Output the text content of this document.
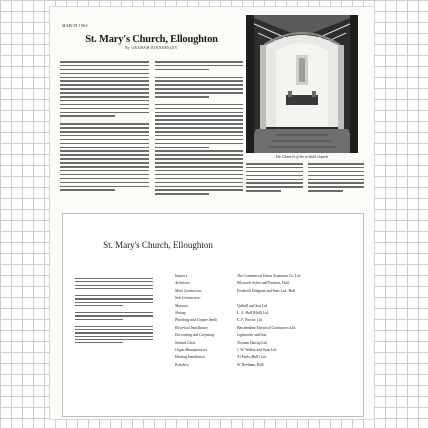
MARCH 1966
St. Mary's Church, Elloughton
By GRAHAM KINNERSLEY
The Chancel of the re-built church.
St. Mary's Church, Elloughton

Insurers	The Commercial Union Assurance Co. Ltd.
Architects	Ellsworth Sykes and Partners, Hull
Main Contractors	Frederick Hodgson and Sons Ltd., Hull
Sub-Contractors:
Masonry	Quibell and Son Ltd.
Slating	L. A. Hull (Hull) Ltd.
Plumbing and Copper Smith	C. F. Proctor Ltd.
Electrical Installation	Hawdendine Electrical Contractors Ltd.
Decorating and Carpeting	Lightowler and Son
Stained Glass	Norman Harrop Ltd.
Organ Manufacturers	J. W. Walker and Sons Ltd.
Heating Installation	Al Fuels (Hull) Ltd.
Polishers	W. Beetham, Hull
